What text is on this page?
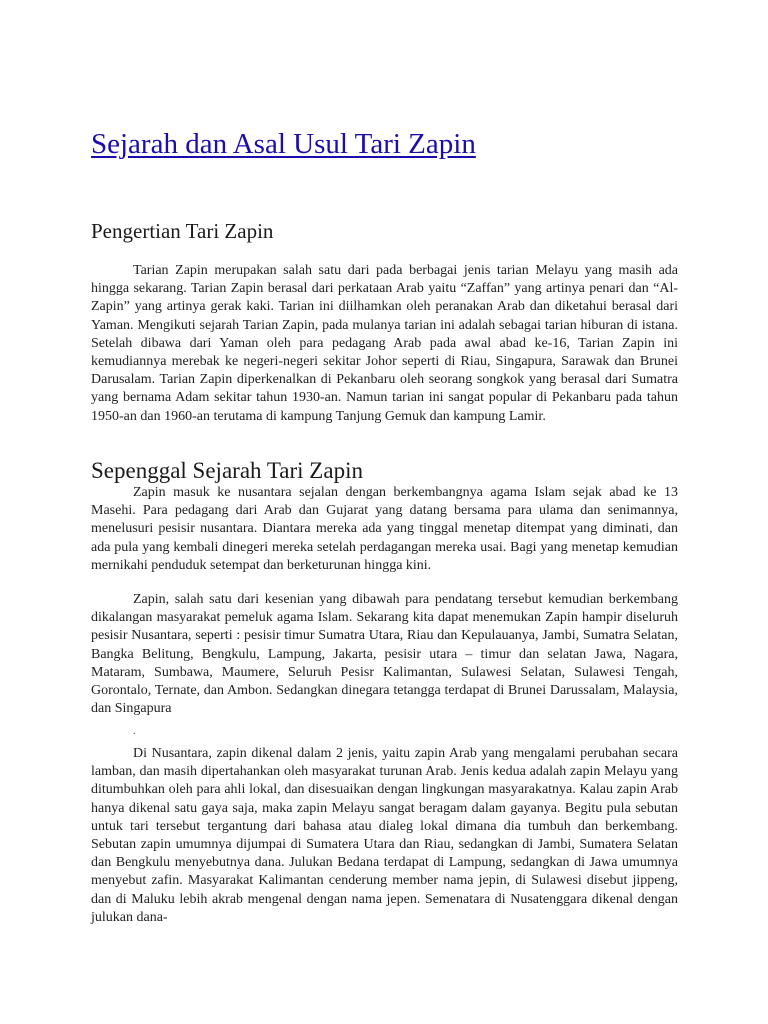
Sejarah dan Asal Usul Tari Zapin
Pengertian Tari Zapin

Tarian Zapin merupakan salah satu dari pada berbagai jenis tarian Melayu yang masih ada hingga sekarang. Tarian Zapin berasal dari perkataan Arab yaitu “Zaffan” yang artinya penari dan “Al-Zapin” yang artinya gerak kaki. Tarian ini diilhamkan oleh peranakan Arab dan diketahui berasal dari Yaman. Mengikuti sejarah Tarian Zapin, pada mulanya tarian ini adalah sebagai tarian hiburan di istana. Setelah dibawa dari Yaman oleh para pedagang Arab pada awal abad ke-16, Tarian Zapin ini kemudiannya merebak ke negeri-negeri sekitar Johor seperti di Riau, Singapura, Sarawak dan Brunei Darusalam. Tarian Zapin diperkenalkan di Pekanbaru oleh seorang songkok yang berasal dari Sumatra yang bernama Adam sekitar tahun 1930-an. Namun tarian ini sangat popular di Pekanbaru pada tahun 1950-an dan 1960-an terutama di kampung Tanjung Gemuk dan kampung Lamir.

Sepenggal Sejarah Tari Zapin

Zapin masuk ke nusantara sejalan dengan berkembangnya agama Islam sejak abad ke 13 Masehi. Para pedagang dari Arab dan Gujarat yang datang bersama para ulama dan senimannya, menelusuri pesisir nusantara. Diantara mereka ada yang tinggal menetap ditempat yang diminati, dan ada pula yang kembali dinegeri mereka setelah perdagangan mereka usai. Bagi yang menetap kemudian mernikahi penduduk setempat dan berketurunan hingga kini.

Zapin, salah satu dari kesenian yang dibawah para pendatang tersebut kemudian berkembang dikalangan masyarakat pemeluk agama Islam. Sekarang kita dapat menemukan Zapin hampir diseluruh pesisir Nusantara, seperti : pesisir timur Sumatra Utara, Riau dan Kepulauanya, Jambi, Sumatra Selatan, Bangka Belitung, Bengkulu, Lampung, Jakarta, pesisir utara – timur dan selatan Jawa, Nagara, Mataram, Sumbawa, Maumere, Seluruh Pesisr Kalimantan, Sulawesi Selatan, Sulawesi Tengah, Gorontalo, Ternate, dan Ambon. Sedangkan dinegara tetangga terdapat di Brunei Darussalam, Malaysia, dan Singapura

.

Di Nusantara, zapin dikenal dalam 2 jenis, yaitu zapin Arab yang mengalami perubahan secara lamban, dan masih dipertahankan oleh masyarakat turunan Arab. Jenis kedua adalah zapin Melayu yang ditumbuhkan oleh para ahli lokal, dan disesuaikan dengan lingkungan masyarakatnya. Kalau zapin Arab hanya dikenal satu gaya saja, maka zapin Melayu sangat beragam dalam gayanya. Begitu pula sebutan untuk tari tersebut tergantung dari bahasa atau dialeg lokal dimana dia tumbuh dan berkembang. Sebutan zapin umumnya dijumpai di Sumatera Utara dan Riau, sedangkan di Jambi, Sumatera Selatan dan Bengkulu menyebutnya dana. Julukan Bedana terdapat di Lampung, sedangkan di Jawa umumnya menyebut zafin. Masyarakat Kalimantan cenderung member nama jepin, di Sulawesi disebut jippeng, dan di Maluku lebih akrab mengenal dengan nama jepen. Semenatara di Nusatenggara dikenal dengan julukan dana-
